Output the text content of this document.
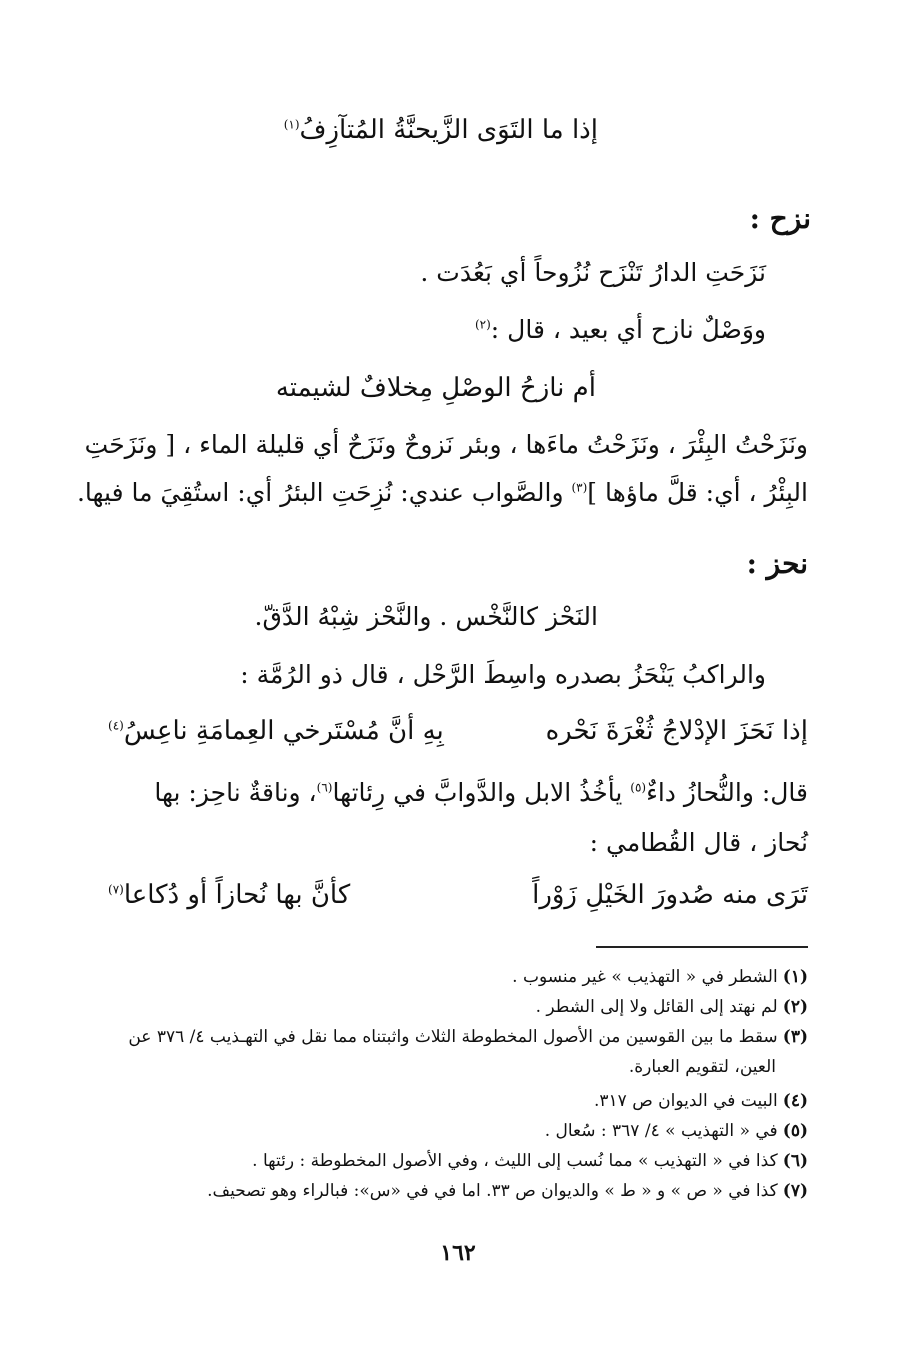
إذا ما التَوَى الزَّيحنَّةُ المُتآزِفُ$^{(١)}$
نزح :
نَزَحَتِ الدارُ تَنْزَح نُزُوحاً أي بَعُدَت .
ووَصْلٌ نازح أي بعيد ، قال :$^{(٢)}$
أم نازحُ الوصْلِ مِخلافٌ لشيمته
ونَزَحْتُ البِئْرَ ، ونَزَحْتُ ماءَها ، وبئر نَزوحٌ ونَزَحٌ أي قليلة الماء ، [ ونَزَحَتِ
البِئْرُ ، أي: قلَّ ماؤها ]$^{(٣)}$ والصَّواب عندي: نُزِحَتِ البئرُ أي: استُقِيَ ما فيها.
نحز :
النَحْز كالنَّخْس . والنَّحْز شِبْهُ الدَّقّ.
والراكبُ يَنْحَزُ بصدره واسِطَ الرَّحْل ، قال ذو الرُمَّة :
إذا نَحَزَ الإدْلاجُ ثُغْرَةَ نَحْره
بِهِ أنَّ مُسْتَرخي العِمامَةِ ناعِسُ$^{(٤)}$
قال: والنُّحازُ داءٌ$^{(٥)}$ يأخُذُ الابل والدَّوابَّ في رِئاتها$^{(٦)}$، وناقةٌ ناحِز: بها
نُحاز ، قال القُطامي :
تَرَى منه صُدورَ الخَيْلِ زَوْراً
كأنَّ بها نُحازاً أو دُكاعا$^{(٧)}$
(١) الشطر في « التهذيب » غير منسوب .
(٢) لم نهتد إلى القائل ولا إلى الشطر .
(٣) سقط ما بين القوسين من الأصول المخطوطة الثلاث واثبتناه مما نقل في التهـذيب ٤/ ٣٧٦ عن
العين، لتقويم العبارة.
(٤) البيت في الديوان ص ٣١٧.
(٥) في « التهذيب » ٤/ ٣٦٧ : سُعال .
(٦) كذا في « التهذيب » مما نُسب إلى الليث ، وفي الأصول المخطوطة : رئتها .
(٧) كذا في « ص » و « ط » والديوان ص ٣٣. اما في في «س»: فبالراء وهو تصحيف.
١٦٢
